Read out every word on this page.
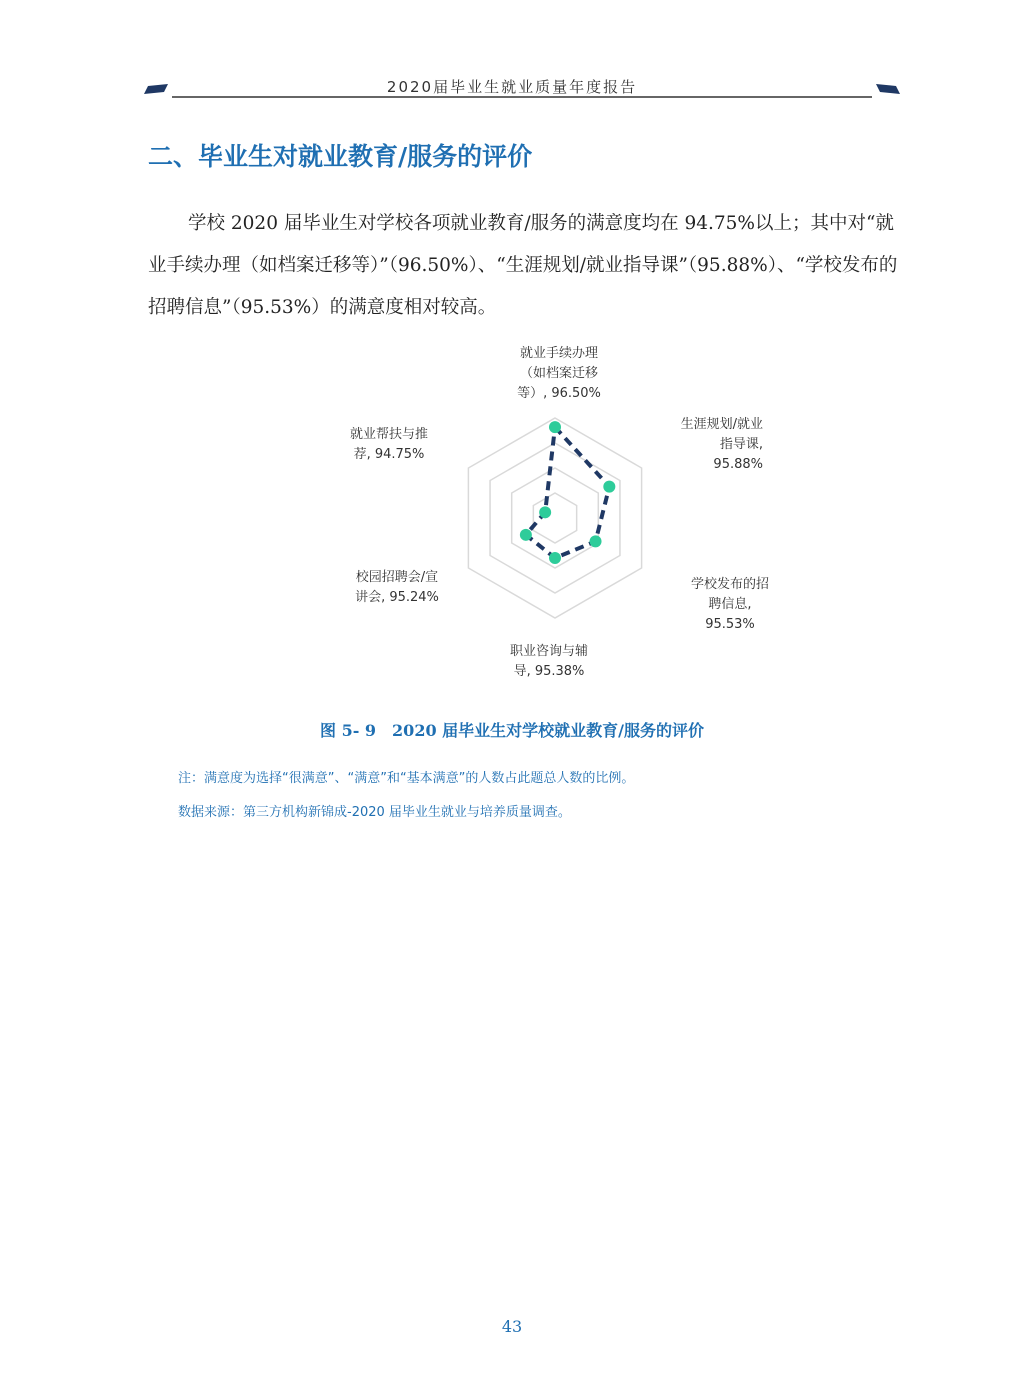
2020届毕业生就业质量年度报告
二、毕业生对就业教育/服务的评价

学校 2020 届毕业生对学校各项就业教育/服务的满意度均在 94.75%以上；其中对“就业手续办理（如档案迁移等）”（96.50%）、“生涯规划/就业指导课”（95.88%）、“学校发布的招聘信息”（95.53%）的满意度相对较高。

就业手续办理（如档案迁移等）, 96.50%
生涯规划/就业指导课, 95.88%
学校发布的招聘信息, 95.53%
职业咨询与辅导, 95.38%
校园招聘会/宣讲会, 95.24%
就业帮扶与推荐, 94.75%

图 5- 9　2020 届毕业生对学校就业教育/服务的评价

注：满意度为选择“很满意”、“满意”和“基本满意”的人数占此题总人数的比例。

数据来源：第三方机构新锦成-2020 届毕业生就业与培养质量调查。

43
